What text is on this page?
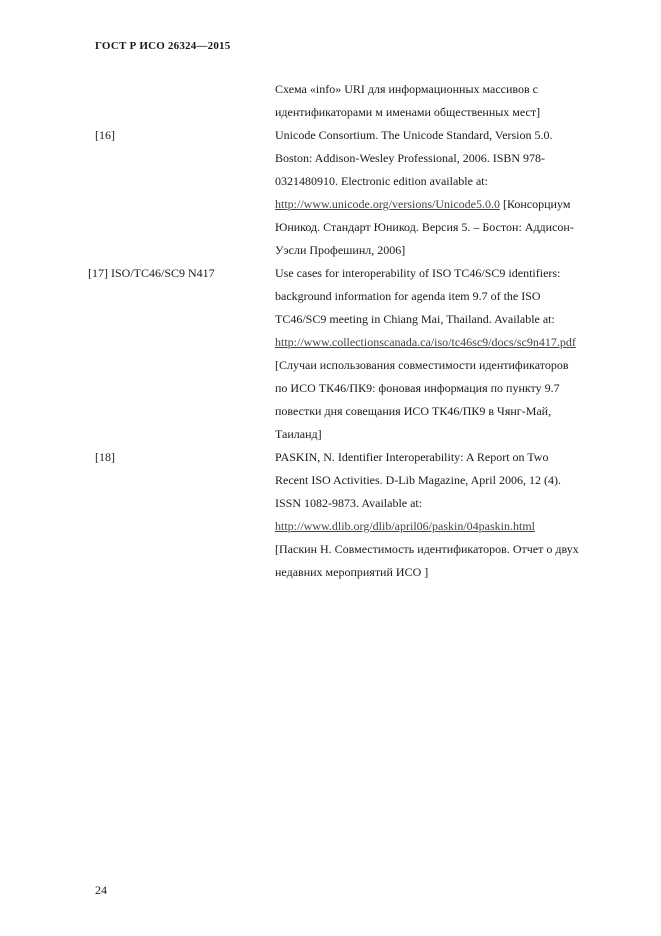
ГОСТ Р ИСО 26324—2015
Схема «info» URI для информационных массивов с
идентификаторами м именами общественных мест]
[16]	Unicode Consortium. The Unicode Standard, Version 5.0.
Boston: Addison-Wesley Professional, 2006. ISBN 978-
0321480910. Electronic edition available at:
http://www.unicode.org/versions/Unicode5.0.0 [Консорциум
Юникод. Стандарт Юникод. Версия 5. – Бостон: Аддисон-
Уэсли Профешинл, 2006]
[17] ISO/TC46/SC9 N417	Use cases for interoperability of ISO TC46/SC9 identifiers:
background information for agenda item 9.7 of the ISO
TC46/SC9 meeting in Chiang Mai, Thailand. Available at:
http://www.collectionscanada.ca/iso/tc46sc9/docs/sc9n417.pdf
[Случаи использования совместимости идентификаторов
по ИСО ТК46/ПК9: фоновая информация по пункту 9.7
повестки дня совещания ИСО ТК46/ПК9 в Чянг-Май,
Таиланд]
[18]	PASKIN, N. Identifier Interoperability: A Report on Two
Recent ISO Activities. D-Lib Magazine, April 2006, 12 (4).
ISSN 1082-9873. Available at:
http://www.dlib.org/dlib/april06/paskin/04paskin.html
[Паскин Н. Совместимость идентификаторов. Отчет о двух
недавних мероприятий ИСО ]
24
